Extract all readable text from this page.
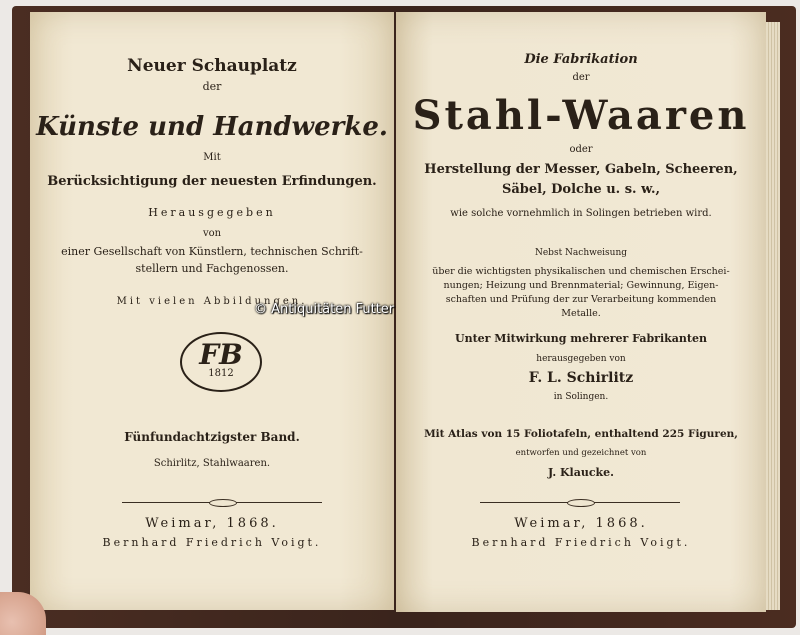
Neuer Schauplatz
der
Künste und Handwerke.
Mit
Berücksichtigung der neuesten Erfindungen.
Herausgegeben
von
einer Gesellschaft von Künstlern, technischen Schrift-
stellern und Fachgenossen.
Mit vielen Abbildungen.
FB
1812
Fünfundachtzigster Band.
Schirlitz, Stahlwaaren.
Weimar, 1868.
Bernhard Friedrich Voigt.
Die Fabrikation
der
Stahl-Waaren
oder
Herstellung der Messer, Gabeln, Scheeren,
Säbel, Dolche u. s. w.,
wie solche vornehmlich in Solingen betrieben wird.
Nebst Nachweisung
über die wichtigsten physikalischen und chemischen Erschei-
nungen; Heizung und Brennmaterial; Gewinnung, Eigen-
schaften und Prüfung der zur Verarbeitung kommenden
Metalle.
Unter Mitwirkung mehrerer Fabrikanten
herausgegeben von
F. L. Schirlitz
in Solingen.
Mit Atlas von 15 Foliotafeln, enthaltend 225 Figuren,
entworfen und gezeichnet von
J. Klaucke.
Weimar, 1868.
Bernhard Friedrich Voigt.
© Antiquitäten Futter
